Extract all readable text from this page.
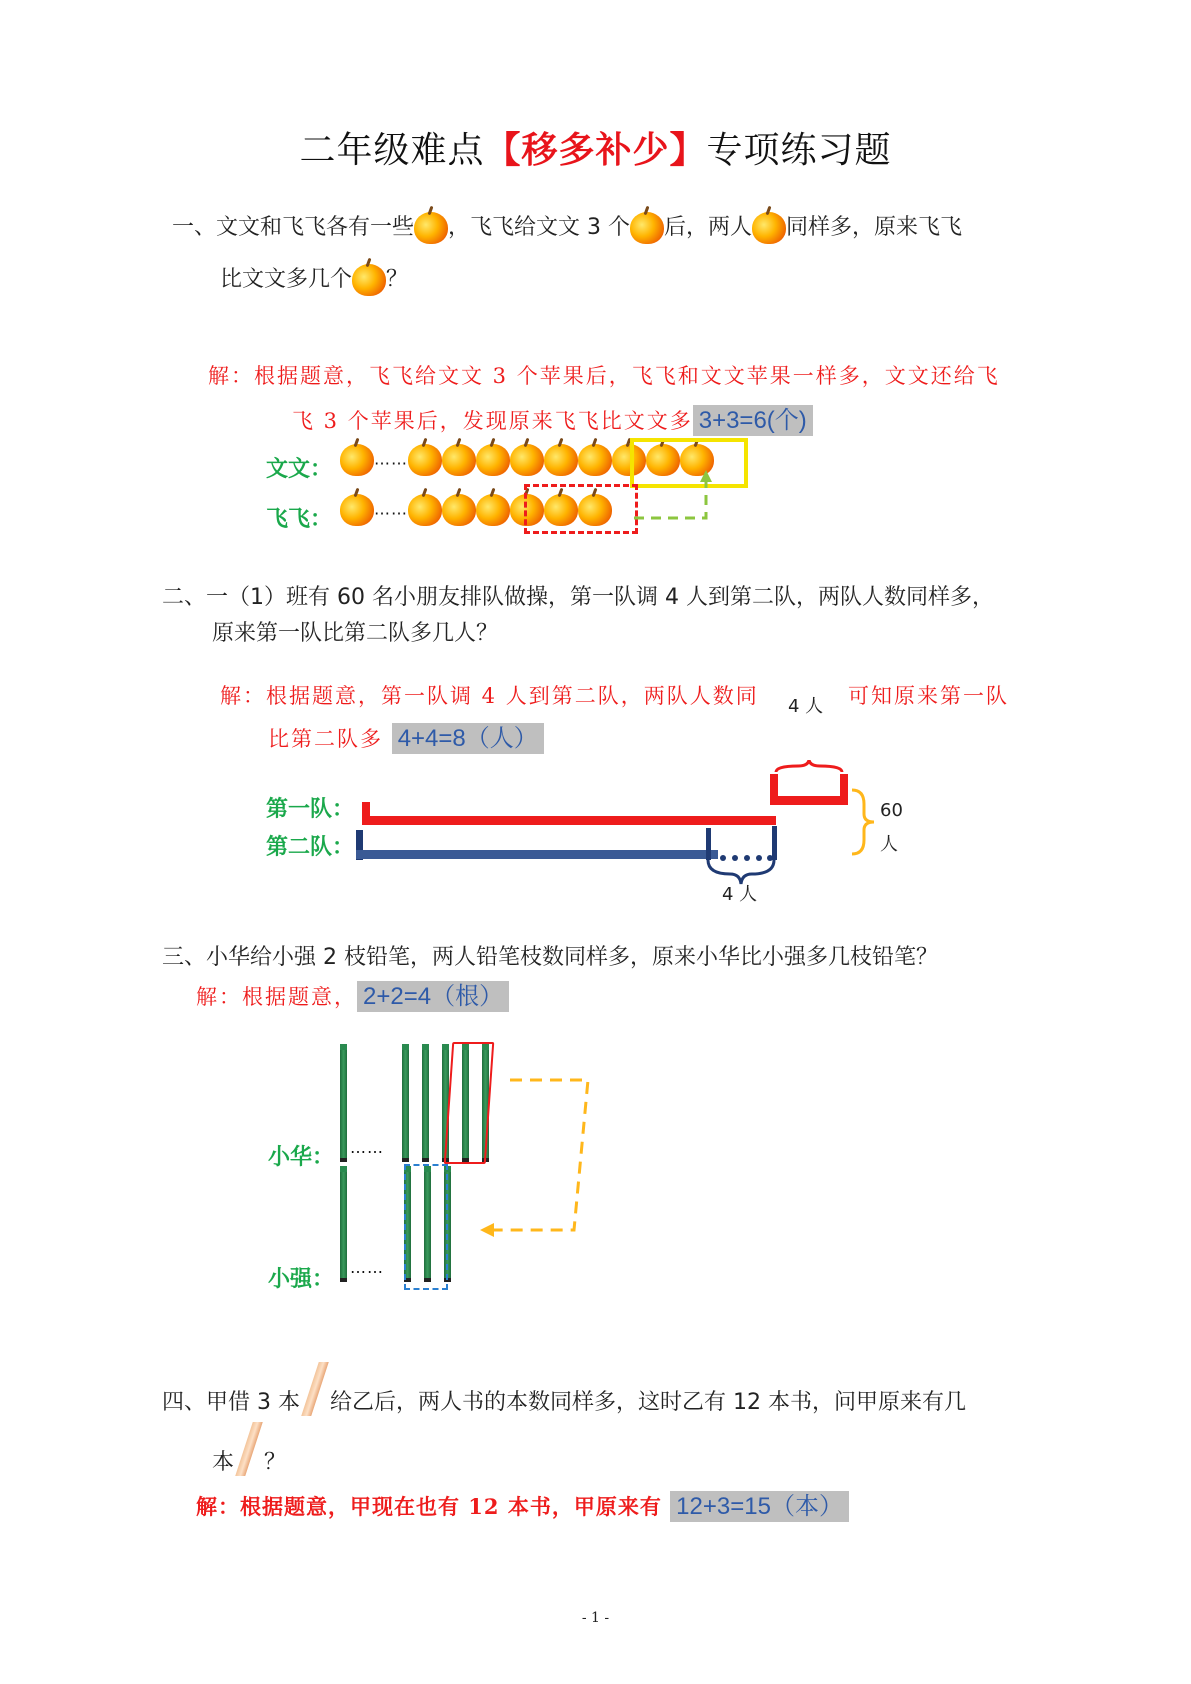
二年级难点【移多补少】专项练习题
一、文文和飞飞各有一些 ，飞飞给文文 3 个 后，两人 同样多，原来飞飞
比文文多几个 ？
解：根据题意，飞飞给文文 3 个苹果后，飞飞和文文苹果一样多，文文还给飞
飞 3 个苹果后，发现原来飞飞比文文多 3+3=6(个)
文文：	……
飞飞：	……
二、一（1）班有 60 名小朋友排队做操，第一队调 4 人到第二队，两队人数同样多，
原来第一队比第二队多几人？
解：根据题意，第一队调 4 人到第二队，两队人数同 4 人 可知原来第一队
比第二队多 4+4=8（人）
第一队：
第二队：
60
人
4 人
三、小华给小强 2 枝铅笔，两人铅笔枝数同样多，原来小华比小强多几枝铅笔？
解：根据题意， 2+2=4（根）
小华：
小强：
……
……
四、甲借 3 本 给乙后，两人书的本数同样多，这时乙有 12 本书，问甲原来有几
本 ？
解：根据题意，甲现在也有 12 本书，甲原来有 12+3=15（本）
- 1 -
